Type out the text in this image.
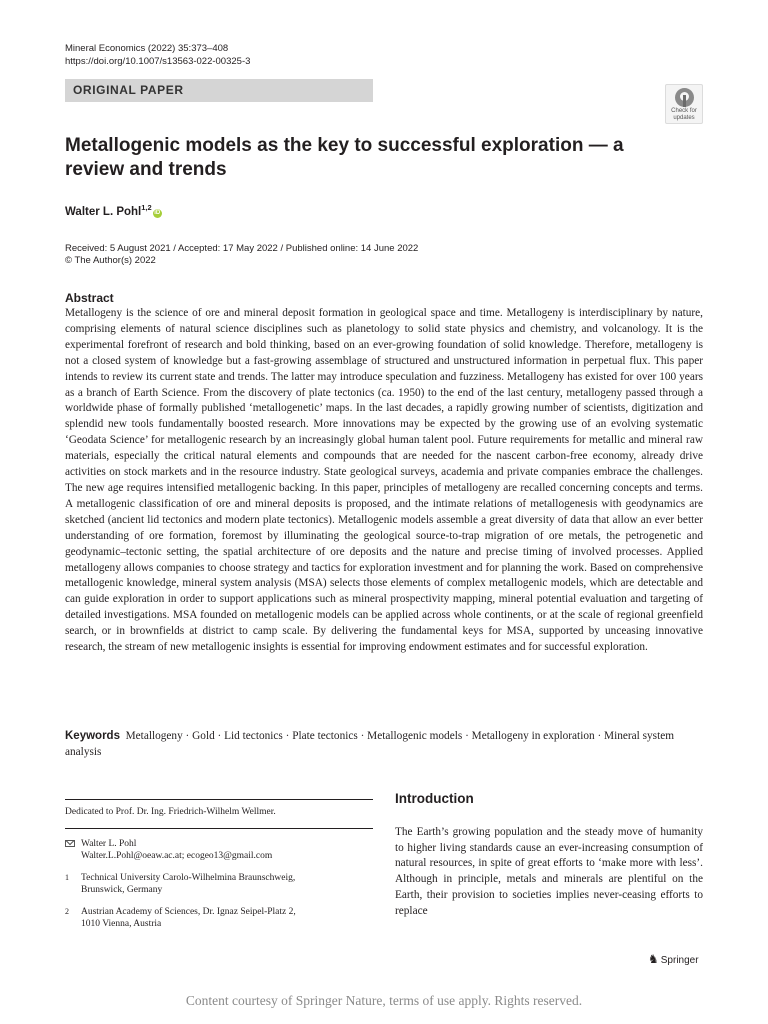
Mineral Economics (2022) 35:373–408
https://doi.org/10.1007/s13563-022-00325-3
ORIGINAL PAPER
Check for
updates
Metallogenic models as the key to successful exploration — a review and trends
Walter L. Pohl$^{1,2}$iD
Received: 5 August 2021 / Accepted: 17 May 2022 / Published online: 14 June 2022
© The Author(s) 2022
Abstract

Metallogeny is the science of ore and mineral deposit formation in geological space and time. Metallogeny is interdisciplinary by nature, comprising elements of natural science disciplines such as planetology to solid state physics and chemistry, and volcanology. It is the experimental forefront of research and bold thinking, based on an ever-growing foundation of solid knowledge. Therefore, metallogeny is not a closed system of knowledge but a fast-growing assemblage of structured and unstructured information in perpetual flux. This paper intends to review its current state and trends. The latter may introduce speculation and fuzziness. Metallogeny has existed for over 100 years as a branch of Earth Science. From the discovery of plate tectonics (ca. 1950) to the end of the last century, metallogeny passed through a worldwide phase of formally published ‘metallogenetic’ maps. In the last decades, a rapidly growing number of scientists, digitization and splendid new tools fundamentally boosted research. More innovations may be expected by the growing use of an evolving systematic ‘Geodata Science’ for metallogenic research by an increasingly global human talent pool. Future requirements for metallic and mineral raw materials, especially the critical natural elements and compounds that are needed for the nascent carbon-free economy, already drive activities on stock markets and in the resource industry. State geological surveys, academia and private companies embrace the challenges. The new age requires intensified metallogenic backing. In this paper, principles of metallogeny are recalled concerning concepts and terms. A metallogenic classification of ore and mineral deposits is proposed, and the intimate relations of metallogenesis with geodynamics are sketched (ancient lid tectonics and modern plate tectonics). Metallogenic models assemble a great diversity of data that allow an ever better understanding of ore formation, foremost by illuminating the geological source-to-trap migration of ore metals, the petrogenetic and geodynamic–tectonic setting, the spatial architecture of ore deposits and the nature and precise timing of involved processes. Applied metallogeny allows companies to choose strategy and tactics for exploration investment and for planning the work. Based on comprehensive metallogenic knowledge, mineral system analysis (MSA) selects those elements of complex metallogenic models, which are detectable and can guide exploration in order to support applications such as mineral prospectivity mapping, mineral potential evaluation and targeting of detailed investigations. MSA founded on metallogenic models can be applied across whole continents, or at the scale of regional greenfield search, or in brownfields at district to camp scale. By delivering the fundamental keys for MSA, supported by unceasing innovative research, the stream of new metallogenic insights is essential for improving endowment estimates and for successful exploration.

Keywords Metallogeny · Gold · Lid tectonics · Plate tectonics · Metallogenic models · Metallogeny in exploration · Mineral system analysis
Dedicated to Prof. Dr. Ing. Friedrich-Wilhelm Wellmer.
Walter L. Pohl
Walter.L.Pohl@oeaw.ac.at; ecogeo13@gmail.com
1	Technical University Carolo-Wilhelmina Braunschweig,
Brunswick, Germany
2	Austrian Academy of Sciences, Dr. Ignaz Seipel-Platz 2,
1010 Vienna, Austria
Introduction

The Earth’s growing population and the steady move of humanity to higher living standards cause an ever-increasing consumption of natural resources, in spite of great efforts to ‘make more with less’. Although in principle, metals and minerals are plentiful on the Earth, their provision to societies implies never-ceasing efforts to replace

♞ Springer
Content courtesy of Springer Nature, terms of use apply. Rights reserved.
